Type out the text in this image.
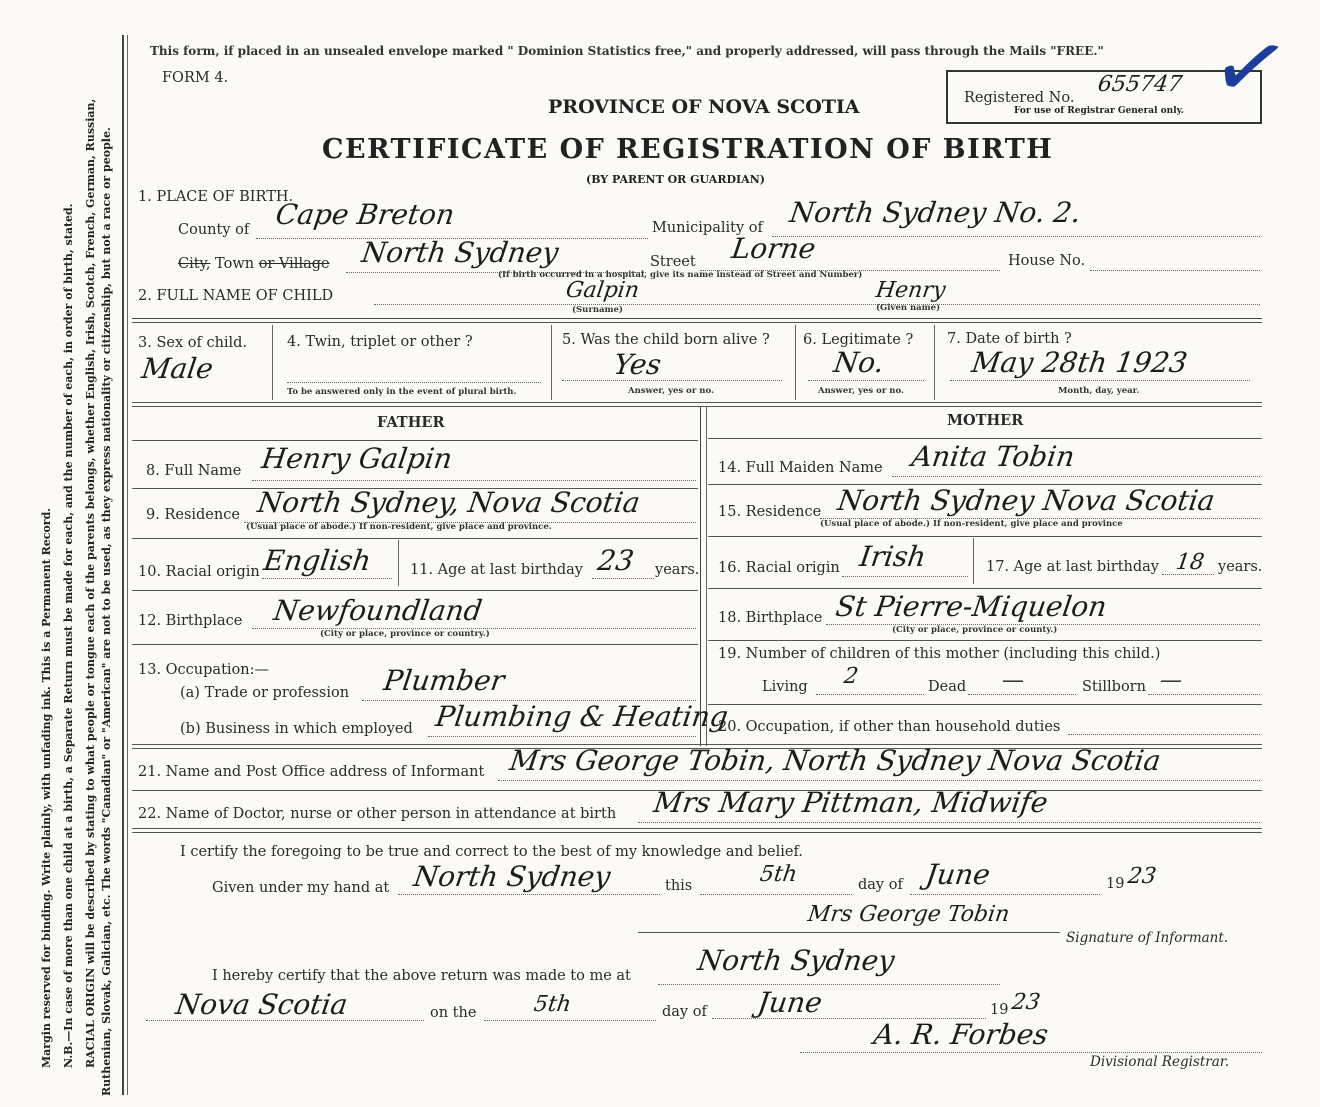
Margin reserved for binding. Write plainly, with unfading ink. This is a Permanent Record. N.B.—In case of more than one child at a birth, a Separate Return must be made for each, and the number of each, in order of birth, stated. RACIAL ORIGIN will be described by stating to what people or tongue each of the parents belongs, whether English, Irish, Scotch, French, German, Russian, Ruthenian, Slovak, Galician, etc. The words "Canadian" or "American" are not to be used, as they express nationality or citizenship, but not a race or people.
This form, if placed in an unsealed envelope marked " Dominion Statistics free," and properly addressed, will pass through the Mails "FREE."
FORM 4.
PROVINCE OF NOVA SCOTIA
CERTIFICATE OF REGISTRATION OF BIRTH
(BY PARENT OR GUARDIAN)
Registered No.
655747
For use of Registrar General only. ✓
1. PLACE OF BIRTH.
County of Cape Breton	Municipality of North Sydney No. 2.
City, Town or Village North Sydney	Street Lorne	House No.
(If birth occurred in a hospital, give its name instead of Street and Number)
2. FULL NAME OF CHILD	Galpin	Henry
(Surname)	(Given name)
3. Sex of child.
Male
4. Twin, triplet or other ?
To be answered only in the event of plural birth.
5. Was the child born alive ?
Yes
Answer, yes or no.
6. Legitimate ?
No.
Answer, yes or no.
7. Date of birth ?
May 28th 1923
Month, day, year.
FATHER	MOTHER
8. Full Name Henry Galpin
9. Residence North Sydney, Nova Scotia
(Usual place of abode.) If non-resident, give place and province.
10. Racial origin English	11. Age at last birthday 23 years.
12. Birthplace Newfoundland
(City or place, province or country.)
13. Occupation:—
(a) Trade or profession Plumber
(b) Business in which employed Plumbing & Heating
14. Full Maiden Name Anita Tobin
15. Residence North Sydney Nova Scotia
(Usual place of abode.) If non-resident, give place and province
16. Racial origin Irish	17. Age at last birthday 18 years.
18. Birthplace St Pierre-Miquelon
(City or place, province or county.)
19. Number of children of this mother (including this child.)
Living 2	Dead —	Stillborn —
20. Occupation, if other than household duties
21. Name and Post Office address of Informant Mrs George Tobin, North Sydney Nova Scotia
22. Name of Doctor, nurse or other person in attendance at birth Mrs Mary Pittman, Midwife
I certify the foregoing to be true and correct to the best of my knowledge and belief.
Given under my hand at North Sydney	this	5th	day of June	19 23
Mrs George Tobin
Signature of Informant.
I hereby certify that the above return was made to me at North Sydney
Nova Scotia	on the	5th	day of June	19 23
A. R. Forbes
Divisional Registrar.
